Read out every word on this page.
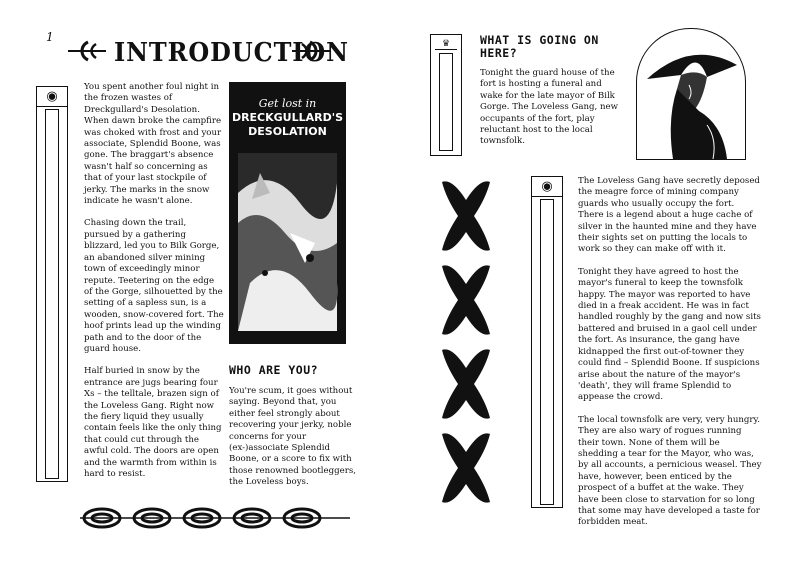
1
INTRODUCTION
◉

You spent another foul night in the frozen wastes of Dreckgullard's Desolation. When dawn broke the campfire was choked with frost and your associate, Splendid Boone, was gone. The braggart's absence wasn't half so concerning as that of your last stockpile of jerky. The marks in the snow indicate he wasn't alone.

Chasing down the trail, pursued by a gathering blizzard, led you to Bilk Gorge, an abandoned silver mining town of exceedingly minor repute. Teetering on the edge of the Gorge, silhouetted by the setting of a sapless sun, is a wooden, snow-covered fort. The hoof prints lead up the winding path and to the door of the guard house.

Half buried in snow by the entrance are jugs bearing four Xs – the telltale, brazen sign of the Loveless Gang. Right now the fiery liquid they usually contain feels like the only thing that could cut through the awful cold. The doors are open and the warmth from within is hard to resist.

Get lost in
DRECKGULLARD'S
DESOLATION
WHO ARE YOU?
You're scum, it goes without saying. Beyond that, you either feel strongly about recovering your jerky, noble concerns for your (ex-)associate Splendid Boone, or a score to fix with those renowned bootleggers, the Loveless boys.
♛	WHAT IS GOING ON HERE?
Tonight the guard house of the fort is hosting a funeral and wake for the late mayor of Bilk Gorge. The Loveless Gang, new occupants of the fort, play reluctant host to the local townsfolk.
◉	The Loveless Gang have secretly deposed the meagre force of mining company guards who usually occupy the fort. There is a legend about a huge cache of silver in the haunted mine and they have their sights set on putting the locals to work so they can make off with it.

Tonight they have agreed to host the mayor's funeral to keep the townsfolk happy. The mayor was reported to have died in a freak accident. He was in fact handled roughly by the gang and now sits battered and bruised in a gaol cell under the fort. As insurance, the gang have kidnapped the first out-of-towner they could find – Splendid Boone. If suspicions arise about the nature of the mayor's 'death', they will frame Splendid to appease the crowd.

The local townsfolk are very, very hungry. They are also wary of rogues running their town. None of them will be shedding a tear for the Mayor, who was, by all accounts, a pernicious weasel. They have, however, been enticed by the prospect of a buffet at the wake. They have been close to starvation for so long that some may have developed a taste for forbidden meat.
